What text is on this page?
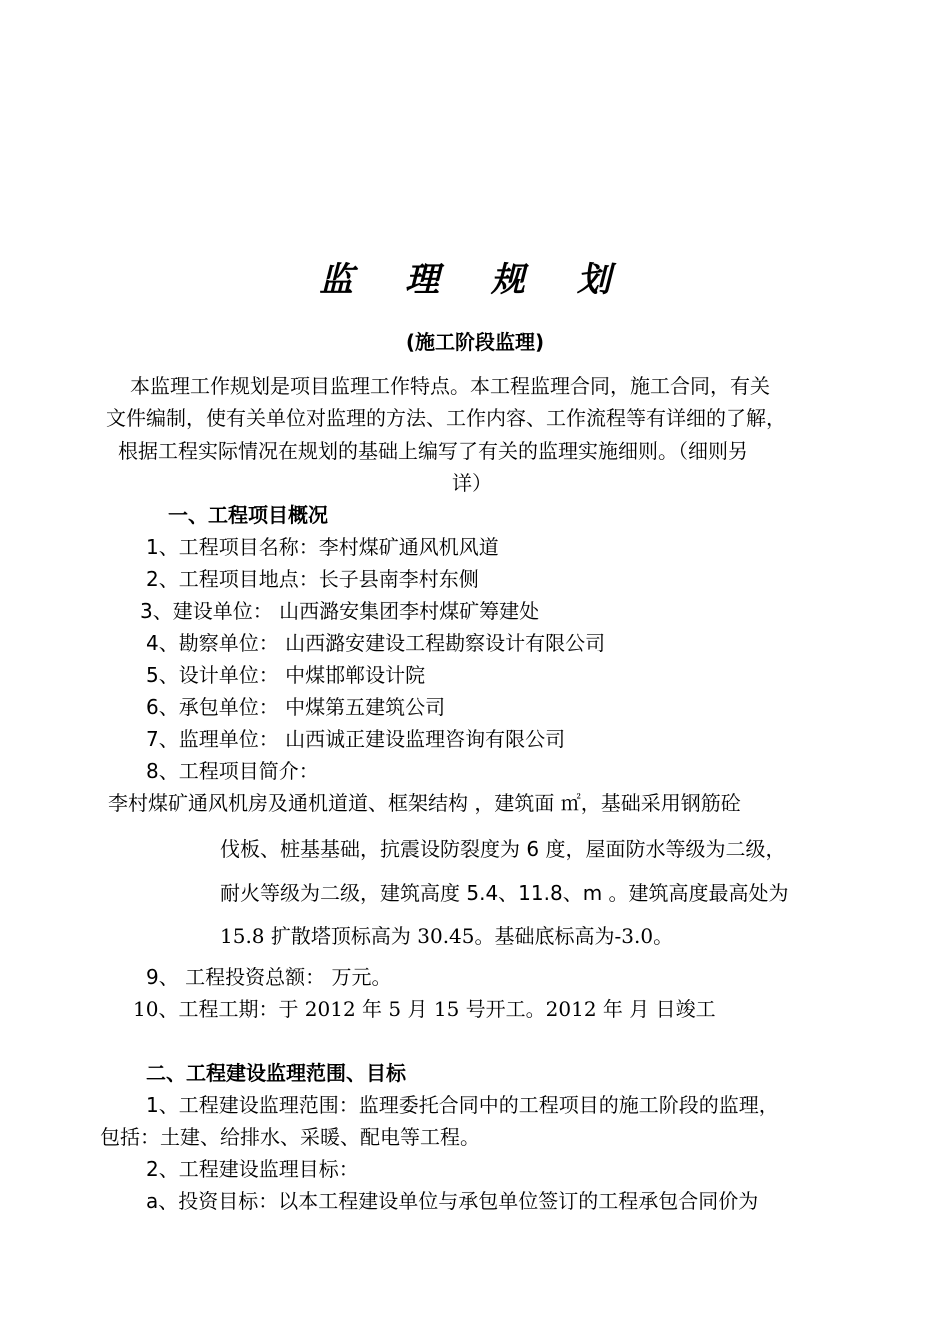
监 理 规 划
(施工阶段监理)
本监理工作规划是项目监理工作特点。本工程监理合同，施工合同，有关
文件编制，使有关单位对监理的方法、工作内容、工作流程等有详细的了解，
根据工程实际情况在规划的基础上编写了有关的监理实施细则。（细则另
详）
一、工程项目概况
1、工程项目名称：李村煤矿通风机风道
2、工程项目地点：长子县南李村东侧
3、建设单位： 山西潞安集团李村煤矿筹建处
4、勘察单位： 山西潞安建设工程勘察设计有限公司
5、设计单位： 中煤邯郸设计院
6、承包单位： 中煤第五建筑公司
7、监理单位： 山西诚正建设监理咨询有限公司
8、工程项目简介：
李村煤矿通风机房及通机道道、框架结构 ，建筑面 ㎡，基础采用钢筋砼
伐板、桩基基础，抗震设防裂度为 6 度，屋面防水等级为二级，
耐火等级为二级，建筑高度 5.4、11.8、m 。建筑高度最高处为
15.8 扩散塔顶标高为 30.45。基础底标高为-3.0。
9、 工程投资总额： 万元。
10、工程工期：于 2012 年 5 月 15 号开工。2012 年 月 日竣工
二、工程建设监理范围、目标
1、工程建设监理范围：监理委托合同中的工程项目的施工阶段的监理，
包括：土建、给排水、采暖、配电等工程。
2、工程建设监理目标：
a、投资目标：以本工程建设单位与承包单位签订的工程承包合同价为
